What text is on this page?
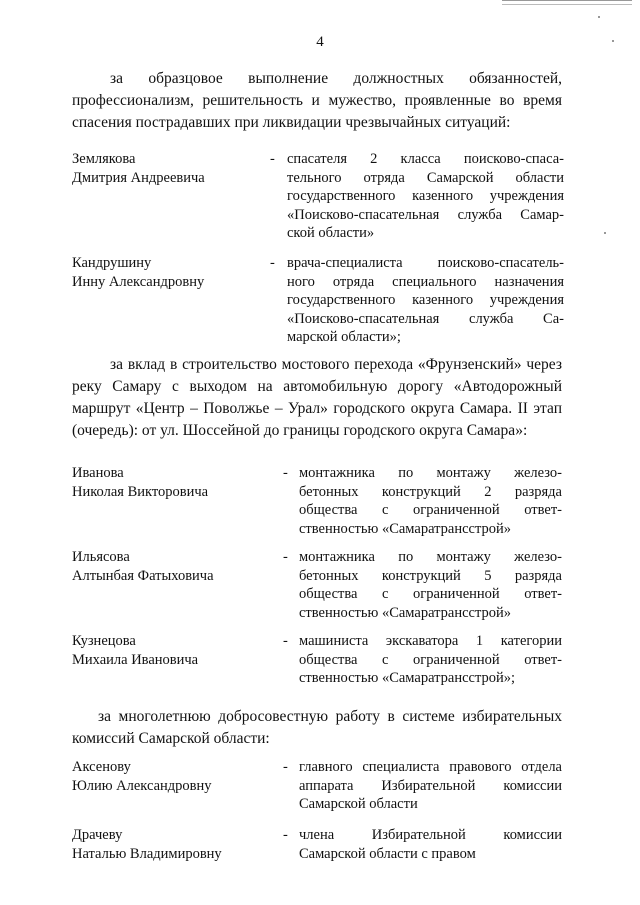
4
за образцовое выполнение должностных обязанностей,
профессионализм, решительность и мужество, проявленные во время
спасения пострадавших при ликвидации чрезвычайных ситуаций:
Землякова
Дмитрия Андреевича
- спасателя 2 класса поисково-спаса-
тельного отряда Самарской области
государственного казенного учреждения
«Поисково-спасательная служба Самар-
ской области»
Кандрушину
Инну Александровну
- врача-специалиста поисково-спасатель-
ного отряда специального назначения
государственного казенного учреждения
«Поисково-спасательная служба Са-
марской области»;
за вклад в строительство мостового перехода «Фрунзенский» через
реку Самару с выходом на автомобильную дорогу «Автодорожный
маршрут «Центр – Поволжье – Урал» городского округа Самара. II этап
(очередь): от ул. Шоссейной до границы городского округа Самара»:
Иванова
Николая Викторовича
- монтажника по монтажу железо-
бетонных конструкций 2 разряда
общества с ограниченной ответ-
ственностью «Самаратрансстрой»
Ильясова
Алтынбая Фатыховича
- монтажника по монтажу железо-
бетонных конструкций 5 разряда
общества с ограниченной ответ-
ственностью «Самаратрансстрой»
Кузнецова
Михаила Ивановича
- машиниста экскаватора 1 категории
общества с ограниченной ответ-
ственностью «Самаратрансстрой»;
за многолетнюю добросовестную работу в системе избирательных
комиссий Самарской области:
Аксенову
Юлию Александровну
- главного специалиста правового отдела
аппарата Избирательной комиссии
Самарской области
Драчеву
Наталью Владимировну
- члена Избирательной комиссии
Самарской области с правом
